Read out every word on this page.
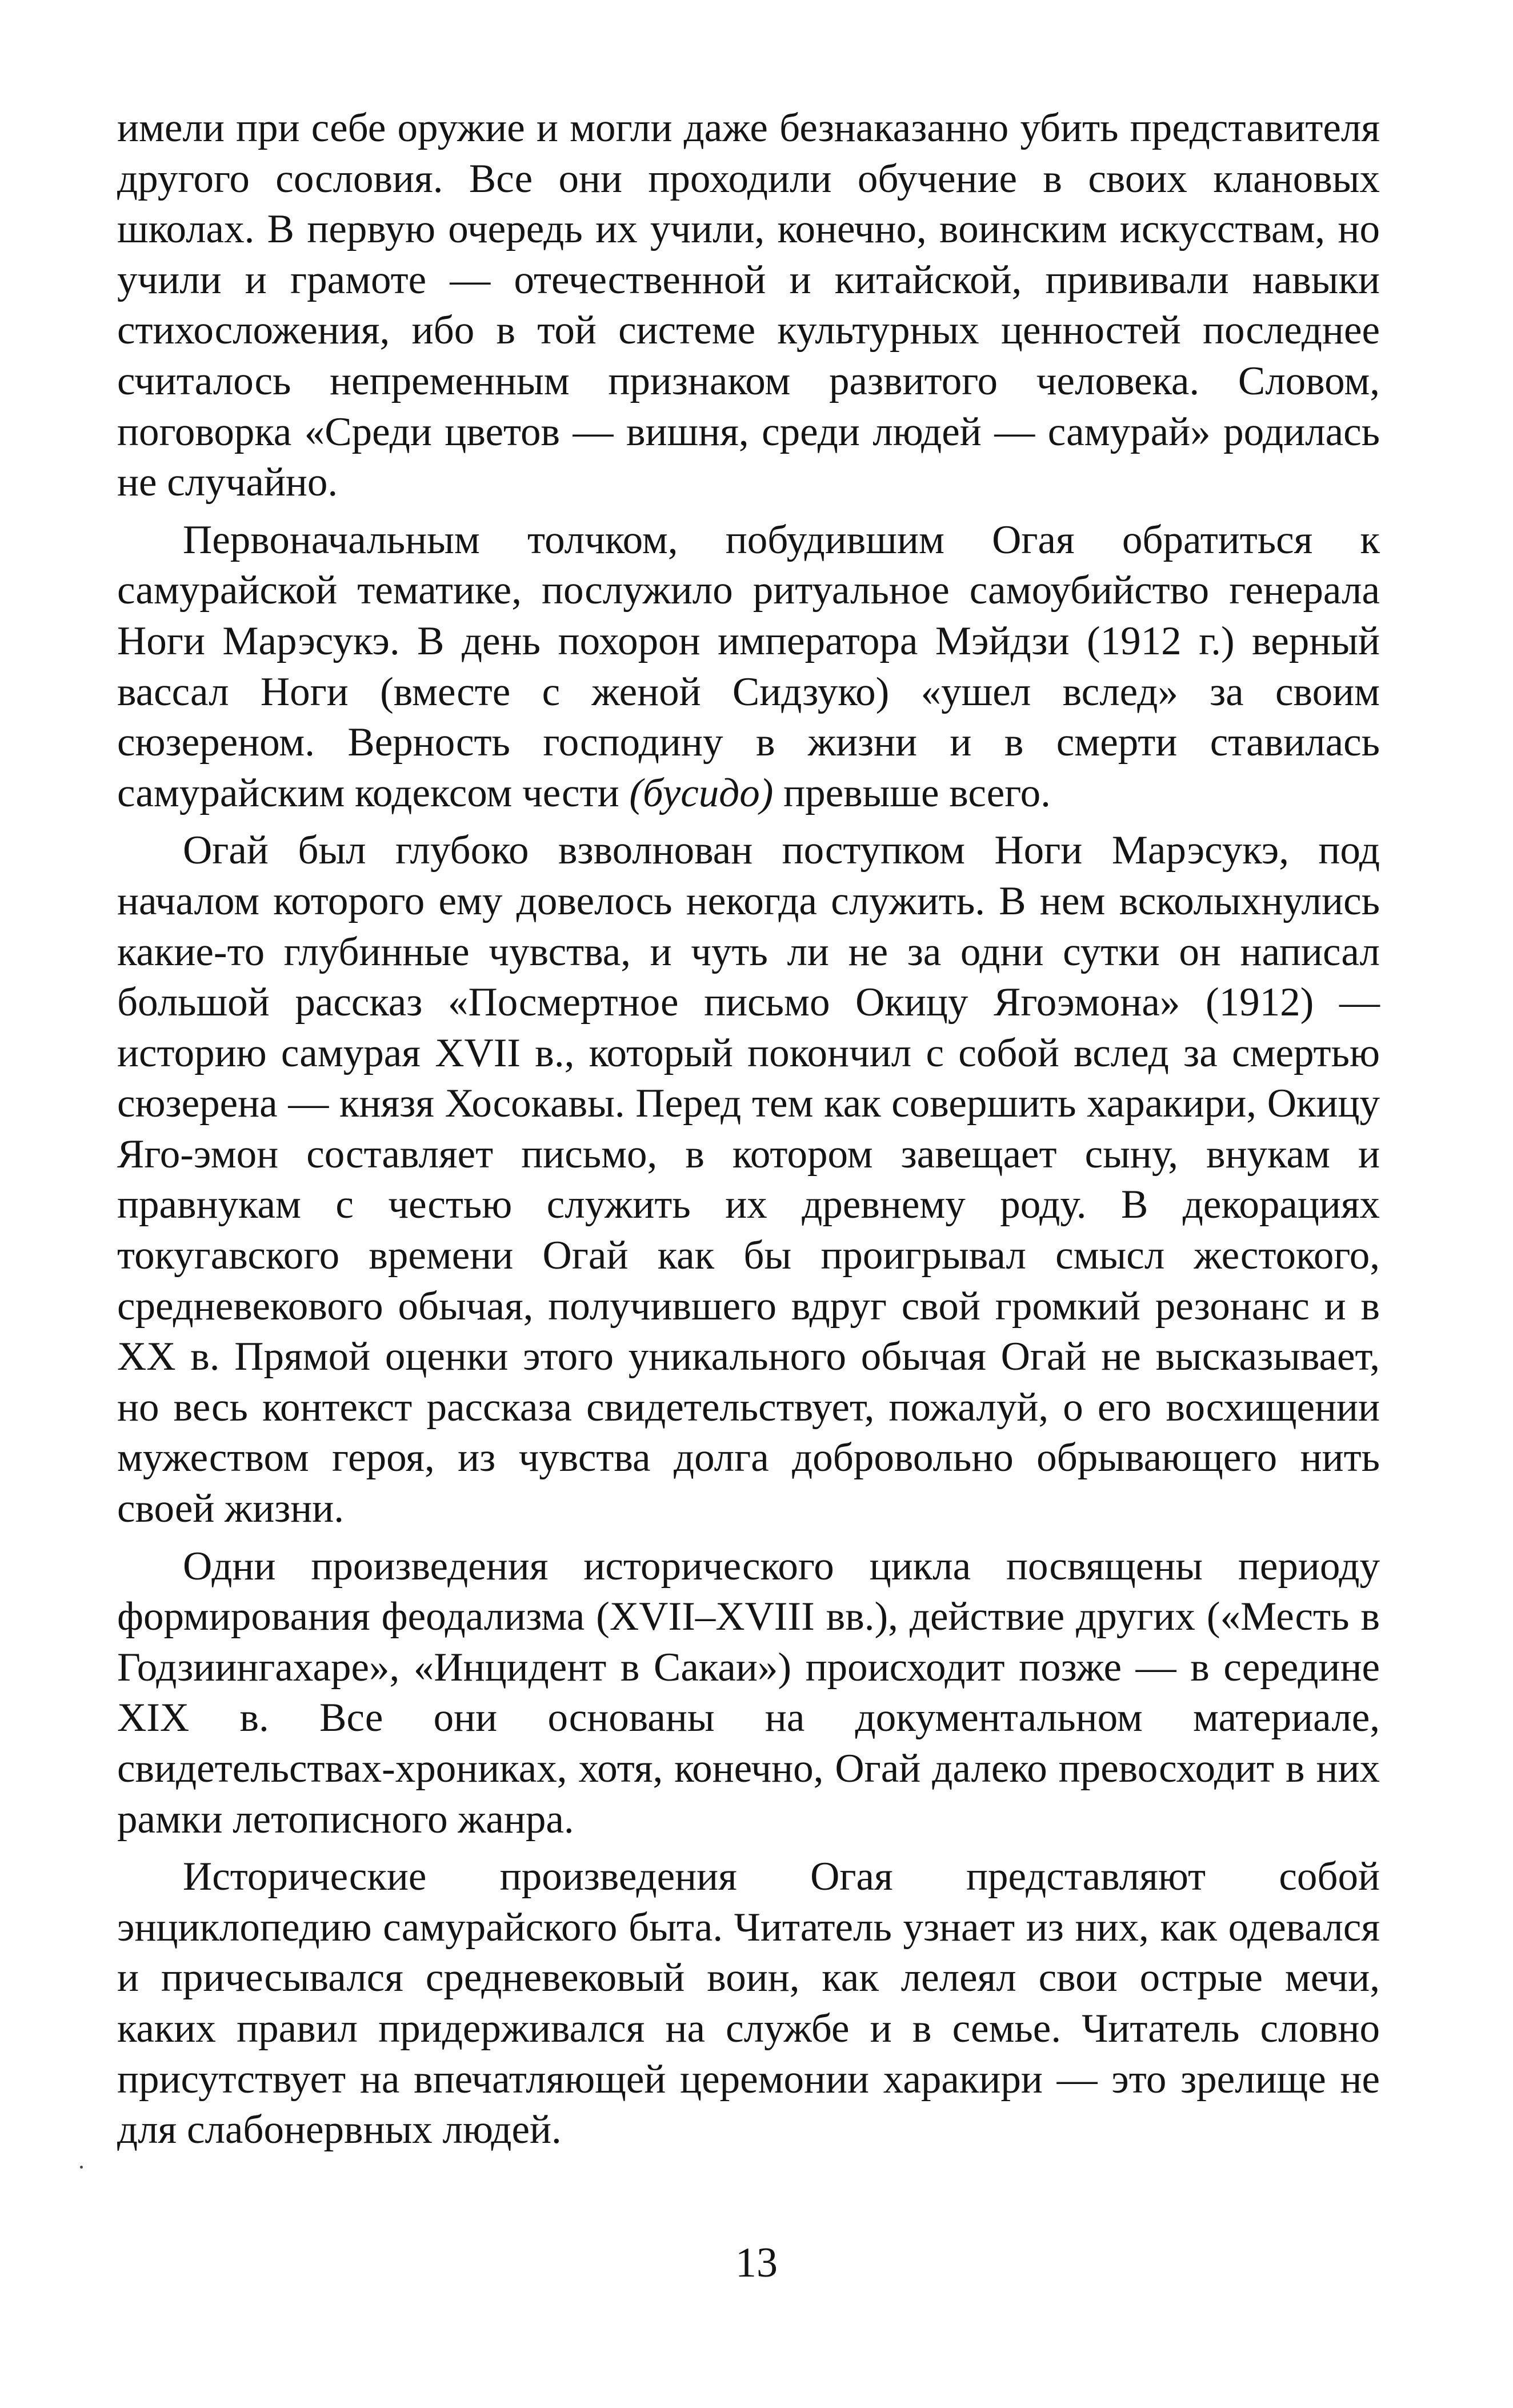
имели при себе оружие и могли даже безнаказанно убить представителя другого сословия. Все они проходили обучение в своих клановых школах. В первую очередь их учили, конечно, воинским искусствам, но учили и грамоте — отечественной и китайской, прививали навыки стихосложения, ибо в той системе культурных ценностей последнее считалось непременным признаком развитого человека. Словом, поговорка «Среди цветов — вишня, среди людей — самурай» родилась не случайно.

Первоначальным толчком, побудившим Огая обратиться к самурайской тематике, послужило ритуальное самоубийство генерала Ноги Марэсукэ. В день похорон императора Мэйдзи (1912 г.) верный вассал Ноги (вместе с женой Сидзуко) «ушел вслед» за своим сюзереном. Верность господину в жизни и в смерти ставилась самурайским кодексом чести (бусидо) превыше всего.

Огай был глубоко взволнован поступком Ноги Марэсукэ, под началом которого ему довелось некогда служить. В нем всколыхнулись какие-то глубинные чувства, и чуть ли не за одни сутки он написал большой рассказ «Посмертное письмо Окицу Ягоэмона» (1912) — историю самурая XVII в., который покончил с собой вслед за смертью сюзерена — князя Хосокавы. Перед тем как совершить харакири, Окицу Яго-эмон составляет письмо, в котором завещает сыну, внукам и правнукам с честью служить их древнему роду. В декорациях токугавского времени Огай как бы проигрывал смысл жестокого, средневекового обычая, получившего вдруг свой громкий резонанс и в XX в. Прямой оценки этого уникального обычая Огай не высказывает, но весь контекст рассказа свидетельствует, пожалуй, о его восхищении мужеством героя, из чувства долга добровольно обрывающего нить своей жизни.

Одни произведения исторического цикла посвящены периоду формирования феодализма (XVII–XVIII вв.), действие других («Месть в Годзиингахаре», «Инцидент в Сакаи») происходит позже — в середине XIX в. Все они основаны на документальном материале, свидетельствах-хрониках, хотя, конечно, Огай далеко превосходит в них рамки летописного жанра.

Исторические произведения Огая представляют собой энциклопедию самурайского быта. Читатель узнает из них, как одевался и причесывался средневековый воин, как лелеял свои острые мечи, каких правил придерживался на службе и в семье. Читатель словно присутствует на впечатляющей церемонии харакири — это зрелище не для слабонервных людей.

13
